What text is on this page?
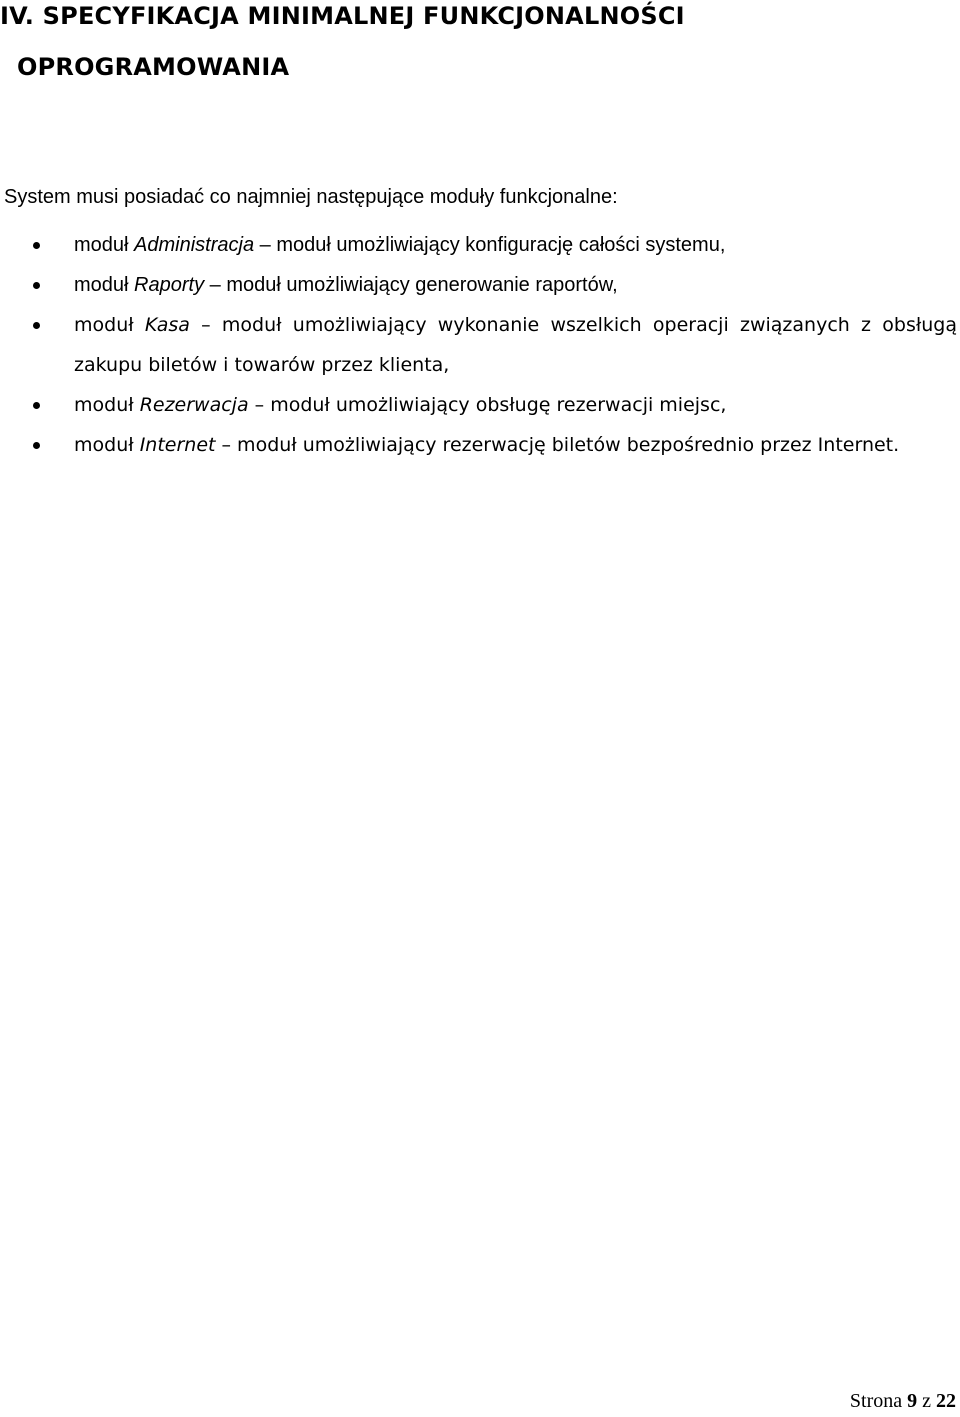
IV. SPECYFIKACJA MINIMALNEJ FUNKCJONALNOŚCI
OPROGRAMOWANIA

System musi posiadać co najmniej następujące moduły funkcjonalne:

moduł Administracja – moduł umożliwiający konfigurację całości systemu,
moduł Raporty – moduł umożliwiający generowanie raportów,
moduł Kasa – moduł umożliwiający wykonanie wszelkich operacji związanych z obsługą zakupu biletów i towarów przez klienta,
moduł Rezerwacja – moduł umożliwiający obsługę rezerwacji miejsc,
moduł Internet – moduł umożliwiający rezerwację biletów bezpośrednio przez Internet.

Strona 9 z 22
